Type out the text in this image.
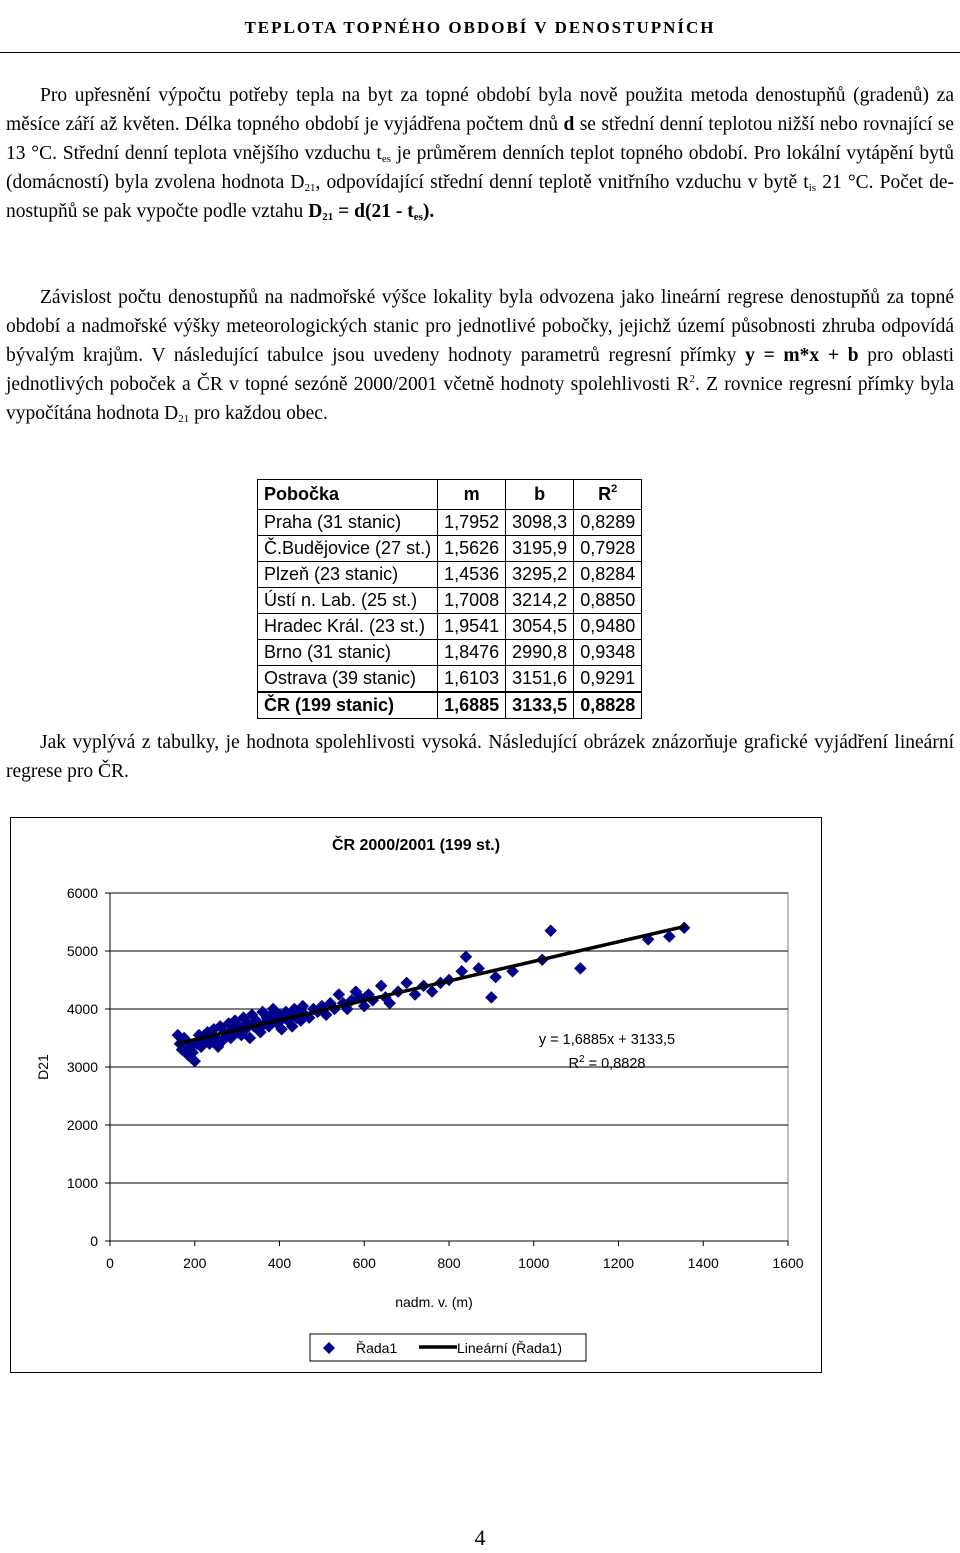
TEPLOTA TOPNÉHO OBDOBÍ V DENOSTUPNÍCH
Pro upřesnění výpočtu potřeby tepla na byt za topné období byla nově použita metoda denostupňů (gradenů) za měsíce září až květen. Délka topného období je vyjádřena počtem dnů d se střední denní teplotou nižší nebo rovnající se 13 °C. Střední denní teplota vnějšího vzduchu $t_{es}$ je průměrem denních teplot topného období. Pro lokální vytápění bytů (domácností) byla zvolena hodnota $D_{21}$, odpovídající střední denní teplotě vnitřního vzduchu v bytě $t_{is}$ 21 °C. Počet denostupňů se pak vypočte podle vztahu $D_{21} = d(21 - t_{es})$.
Závislost počtu denostupňů na nadmořské výšce lokality byla odvozena jako lineární regrese denostupňů za topné období a nadmořské výšky meteorologických stanic pro jednotlivé pobočky, jejichž území působnosti zhruba odpovídá bývalým krajům. V následující tabulce jsou uvedeny hodnoty parametrů regresní přímky y = m*x + b pro oblasti jednotlivých poboček a ČR v topné sezóně 2000/2001 včetně hodnoty spolehlivosti $R^2$. Z rovnice regresní přímky byla vypočítána hodnota $D_{21}$ pro každou obec.
Pobočka	m	b	$R^2$
Praha (31 stanic)	1,7952	3098,3	0,8289
Č.Budějovice (27 st.)	1,5626	3195,9	0,7928
Plzeň (23 stanic)	1,4536	3295,2	0,8284
Ústí n. Lab. (25 st.)	1,7008	3214,2	0,8850
Hradec Král. (23 st.)	1,9541	3054,5	0,9480
Brno (31 stanic)	1,8476	2990,8	0,9348
Ostrava (39 stanic)	1,6103	3151,6	0,9291
ČR (199 stanic)	1,6885	3133,5	0,8828
Jak vyplývá z tabulky, je hodnota spolehlivosti vysoká. Následující obrázek znázorňuje grafické vyjádření lineární regrese pro ČR.
ČR 2000/2001 (199 st.)
0
1000
2000
3000
4000
5000
6000
0	200	400	600	800	1000	1200	1400	1600
nadm. v. (m)
D21
y = 1,6885x + 3133,5
$R^2 = 0,8828$
Řada1	Lineární (Řada1)
4
